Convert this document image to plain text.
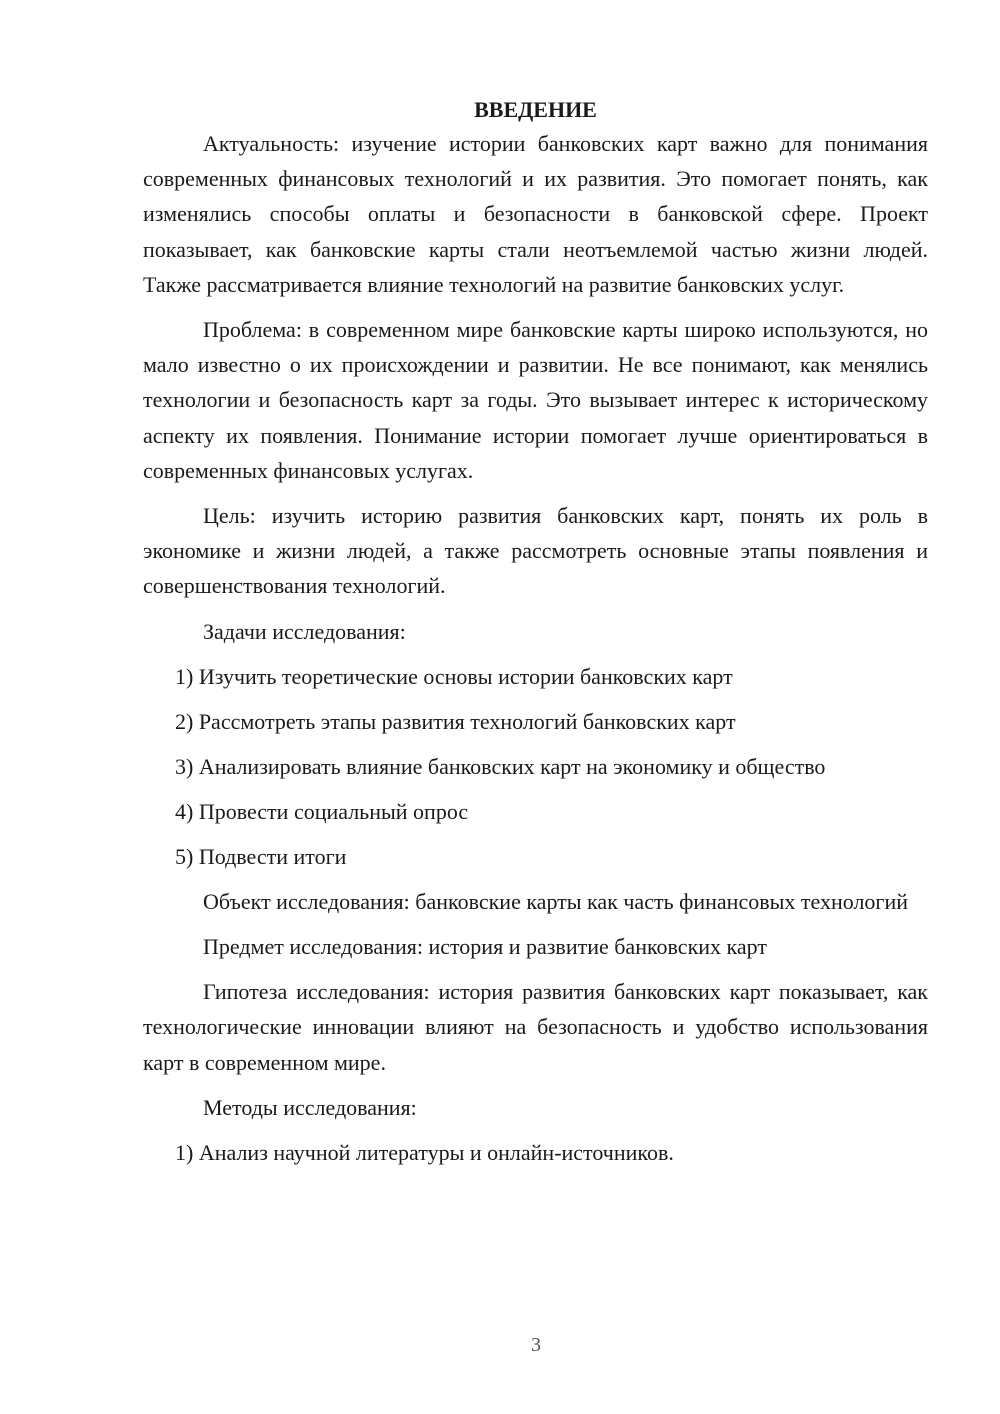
ВВЕДЕНИЕ

Актуальность: изучение истории банковских карт важно для понимания современных финансовых технологий и их развития. Это помогает понять, как изменялись способы оплаты и безопасности в банковской сфере. Проект показывает, как банковские карты стали неотъемлемой частью жизни людей. Также рассматривается влияние технологий на развитие банковских услуг.

Проблема: в современном мире банковские карты широко используются, но мало известно о их происхождении и развитии. Не все понимают, как менялись технологии и безопасность карт за годы. Это вызывает интерес к историческому аспекту их появления. Понимание истории помогает лучше ориентироваться в современных финансовых услугах.

Цель: изучить историю развития банковских карт, понять их роль в экономике и жизни людей, а также рассмотреть основные этапы появления и совершенствования технологий.

Задачи исследования:

1) Изучить теоретические основы истории банковских карт

2) Рассмотреть этапы развития технологий банковских карт

3) Анализировать влияние банковских карт на экономику и общество

4) Провести социальный опрос

5) Подвести итоги

Объект исследования: банковские карты как часть финансовых технологий

Предмет исследования: история и развитие банковских карт

Гипотеза исследования: история развития банковских карт показывает, как технологические инновации влияют на безопасность и удобство использования карт в современном мире.

Методы исследования:

1) Анализ научной литературы и онлайн-источников.

3
